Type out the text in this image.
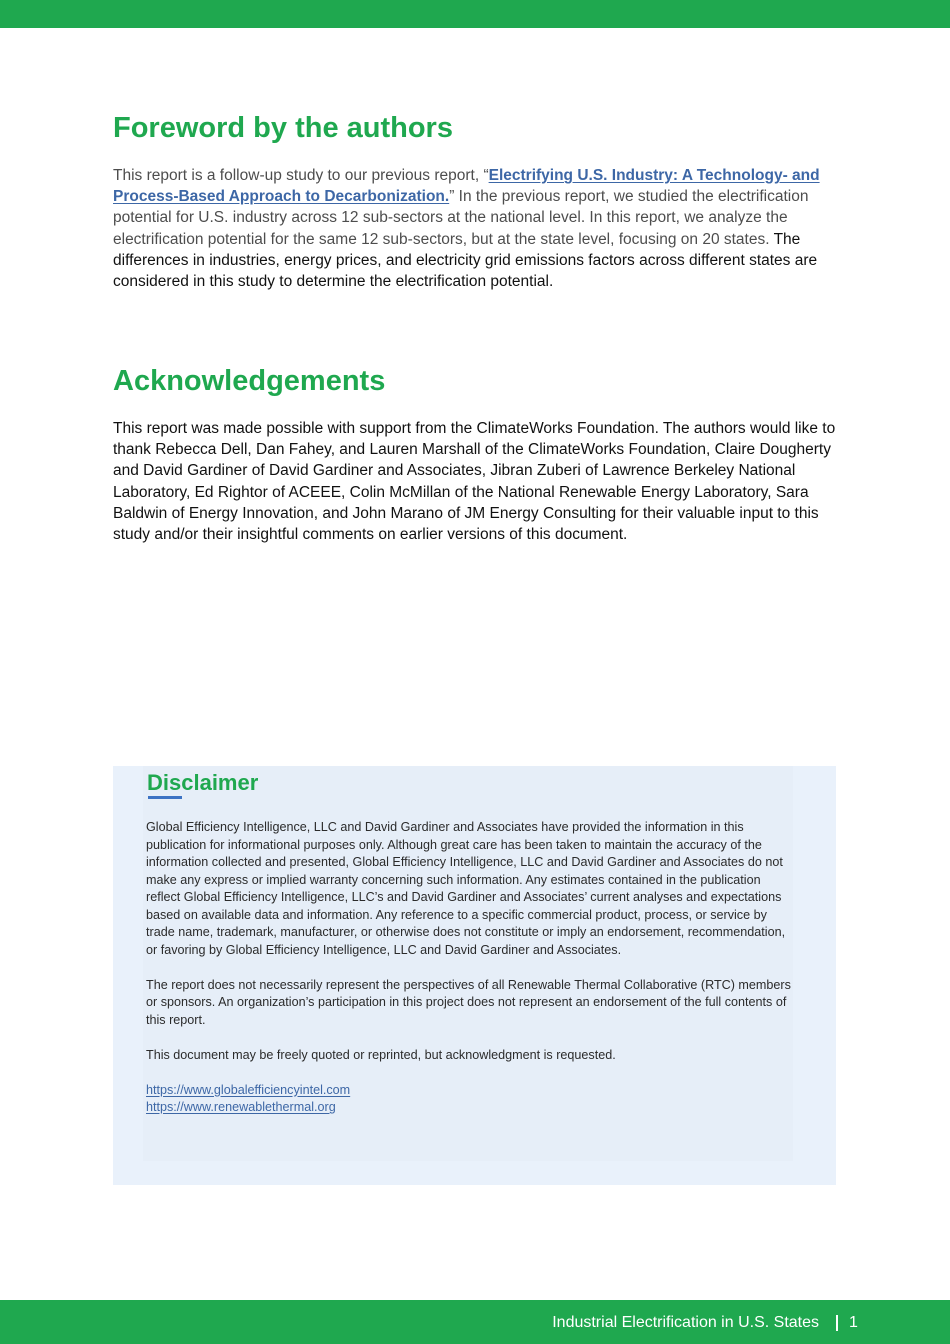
Foreword by the authors

This report is a follow-up study to our previous report, “Electrifying U.S. Industry: A Technology- and Process-Based Approach to Decarbonization.” In the previous report, we studied the electrification potential for U.S. industry across 12 sub-sectors at the national level. In this report, we analyze the electrification potential for the same 12 sub-sectors, but at the state level, focusing on 20 states. The differences in industries, energy prices, and electricity grid emissions factors across different states are considered in this study to determine the electrification potential.

Acknowledgements

This report was made possible with support from the ClimateWorks Foundation. The authors would like to thank Rebecca Dell, Dan Fahey, and Lauren Marshall of the ClimateWorks Foundation, Claire Dougherty and David Gardiner of David Gardiner and Associates, Jibran Zuberi of Lawrence Berkeley National Laboratory, Ed Rightor of ACEEE, Colin McMillan of the National Renewable Energy Laboratory, Sara Baldwin of Energy Innovation, and John Marano of JM Energy Consulting for their valuable input to this study and/or their insightful comments on earlier versions of this document.

Disclaimer

Global Efficiency Intelligence, LLC and David Gardiner and Associates have provided the information in this publication for informational purposes only. Although great care has been taken to maintain the accuracy of the information collected and presented, Global Efficiency Intelligence, LLC and David Gardiner and Associates do not make any express or implied warranty concerning such information. Any estimates contained in the publication reflect Global Efficiency Intelligence, LLC’s and David Gardiner and Associates’ current analyses and expectations based on available data and information. Any reference to a specific commercial product, process, or service by trade name, trademark, manufacturer, or otherwise does not constitute or imply an endorsement, recommendation, or favoring by Global Efficiency Intelligence, LLC and David Gardiner and Associates.

The report does not necessarily represent the perspectives of all Renewable Thermal Collaborative (RTC) members or sponsors. An organization’s participation in this project does not represent an endorsement of the full contents of this report.

This document may be freely quoted or reprinted, but acknowledgment is requested.

https://www.globalefficiencyintel.com
https://www.renewablethermal.org
Industrial Electrification in U.S. States 1
